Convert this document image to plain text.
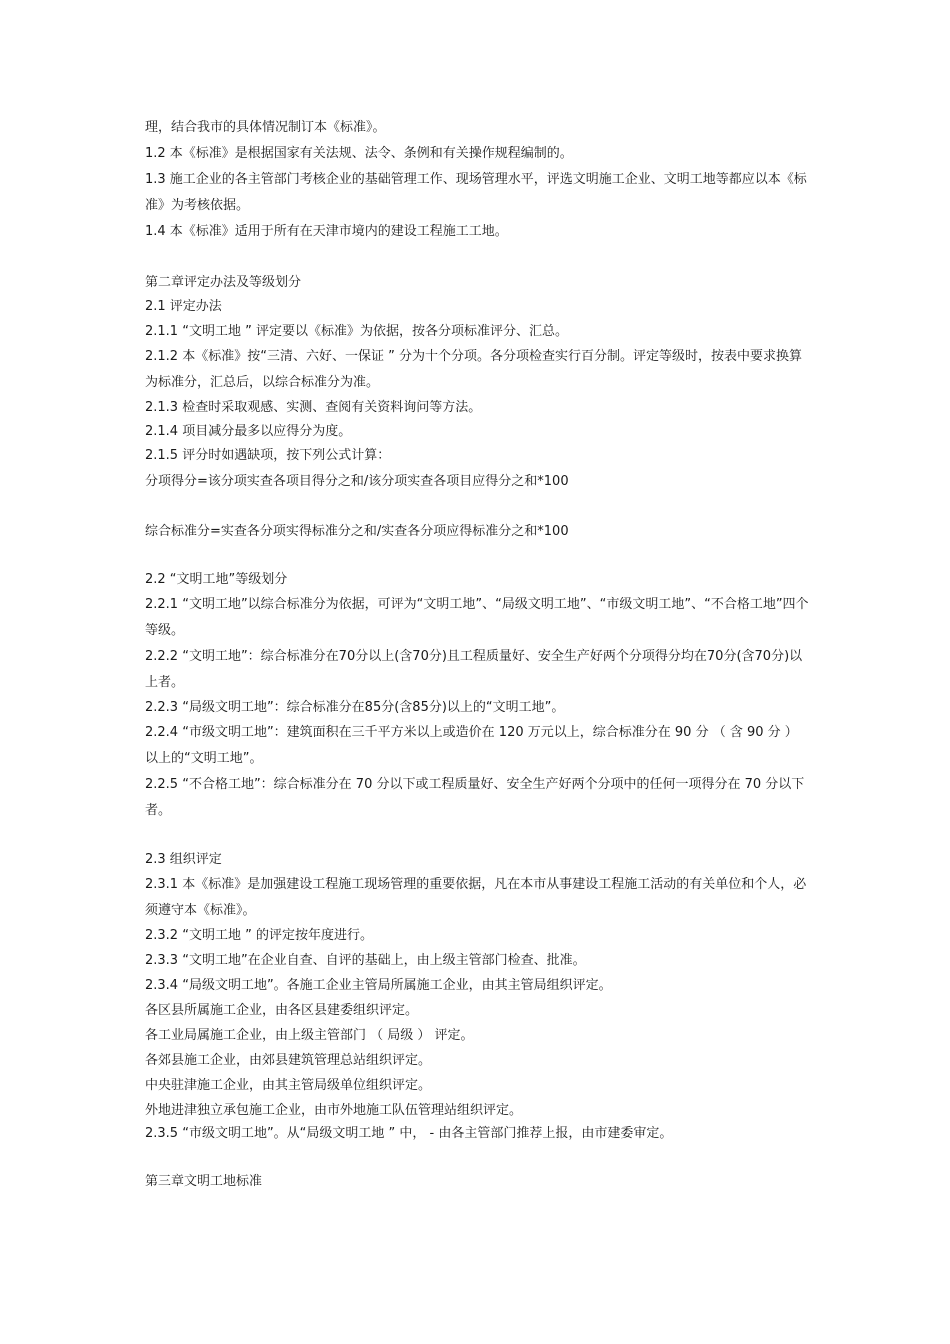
理，结合我市的具体情况制订本《标准》。

1.2 本《标准》是根据国家有关法规、法令、条例和有关操作规程编制的。

1.3 施工企业的各主管部门考核企业的基础管理工作、现场管理水平，评选文明施工企业、文明工地等都应以本《标准》为考核依据。

1.4 本《标准》适用于所有在天津市境内的建设工程施工工地。

第二章评定办法及等级划分

2.1 评定办法

2.1.1 “文明工地 ” 评定要以《标准》为依据，按各分项标准评分、汇总。

2.1.2 本《标准》按“三清、六好、一保证 ” 分为十个分项。各分项检查实行百分制。评定等级时，按表中要求换算为标准分，汇总后，以综合标准分为准。

2.1.3 检查时采取观感、实测、查阅有关资料询问等方法。

2.1.4 项目减分最多以应得分为度。

2.1.5 评分时如遇缺项，按下列公式计算：

分项得分=该分项实查各项目得分之和/该分项实查各项目应得分之和*100

综合标准分=实查各分项实得标准分之和/实查各分项应得标准分之和*100

2.2 “文明工地”等级划分

2.2.1 “文明工地”以综合标准分为依据，可评为“文明工地”、“局级文明工地”、“市级文明工地”、“不合格工地”四个等级。

2.2.2 “文明工地”：综合标准分在70分以上(含70分)且工程质量好、安全生产好两个分项得分均在70分(含70分)以上者。

2.2.3 “局级文明工地”：综合标准分在85分(含85分)以上的“文明工地”。

2.2.4 “市级文明工地”：建筑面积在三千平方米以上或造价在 120 万元以上，综合标准分在 90 分 （ 含 90 分 ） 以上的“文明工地”。

2.2.5 “不合格工地”：综合标准分在 70 分以下或工程质量好、安全生产好两个分项中的任何一项得分在 70 分以下者。

2.3 组织评定

2.3.1 本《标准》是加强建设工程施工现场管理的重要依据，凡在本市从事建设工程施工活动的有关单位和个人，必须遵守本《标准》。

2.3.2 “文明工地 ” 的评定按年度进行。

2.3.3 “文明工地”在企业自查、自评的基础上，由上级主管部门检查、批准。

2.3.4 “局级文明工地”。各施工企业主管局所属施工企业，由其主管局组织评定。

各区县所属施工企业，由各区县建委组织评定。

各工业局属施工企业，由上级主管部门 （ 局级 ） 评定。

各郊县施工企业，由郊县建筑管理总站组织评定。

中央驻津施工企业，由其主管局级单位组织评定。

外地进津独立承包施工企业，由市外地施工队伍管理站组织评定。

2.3.5 “市级文明工地”。从“局级文明工地 ” 中， - 由各主管部门推荐上报，由市建委审定。

第三章文明工地标准
